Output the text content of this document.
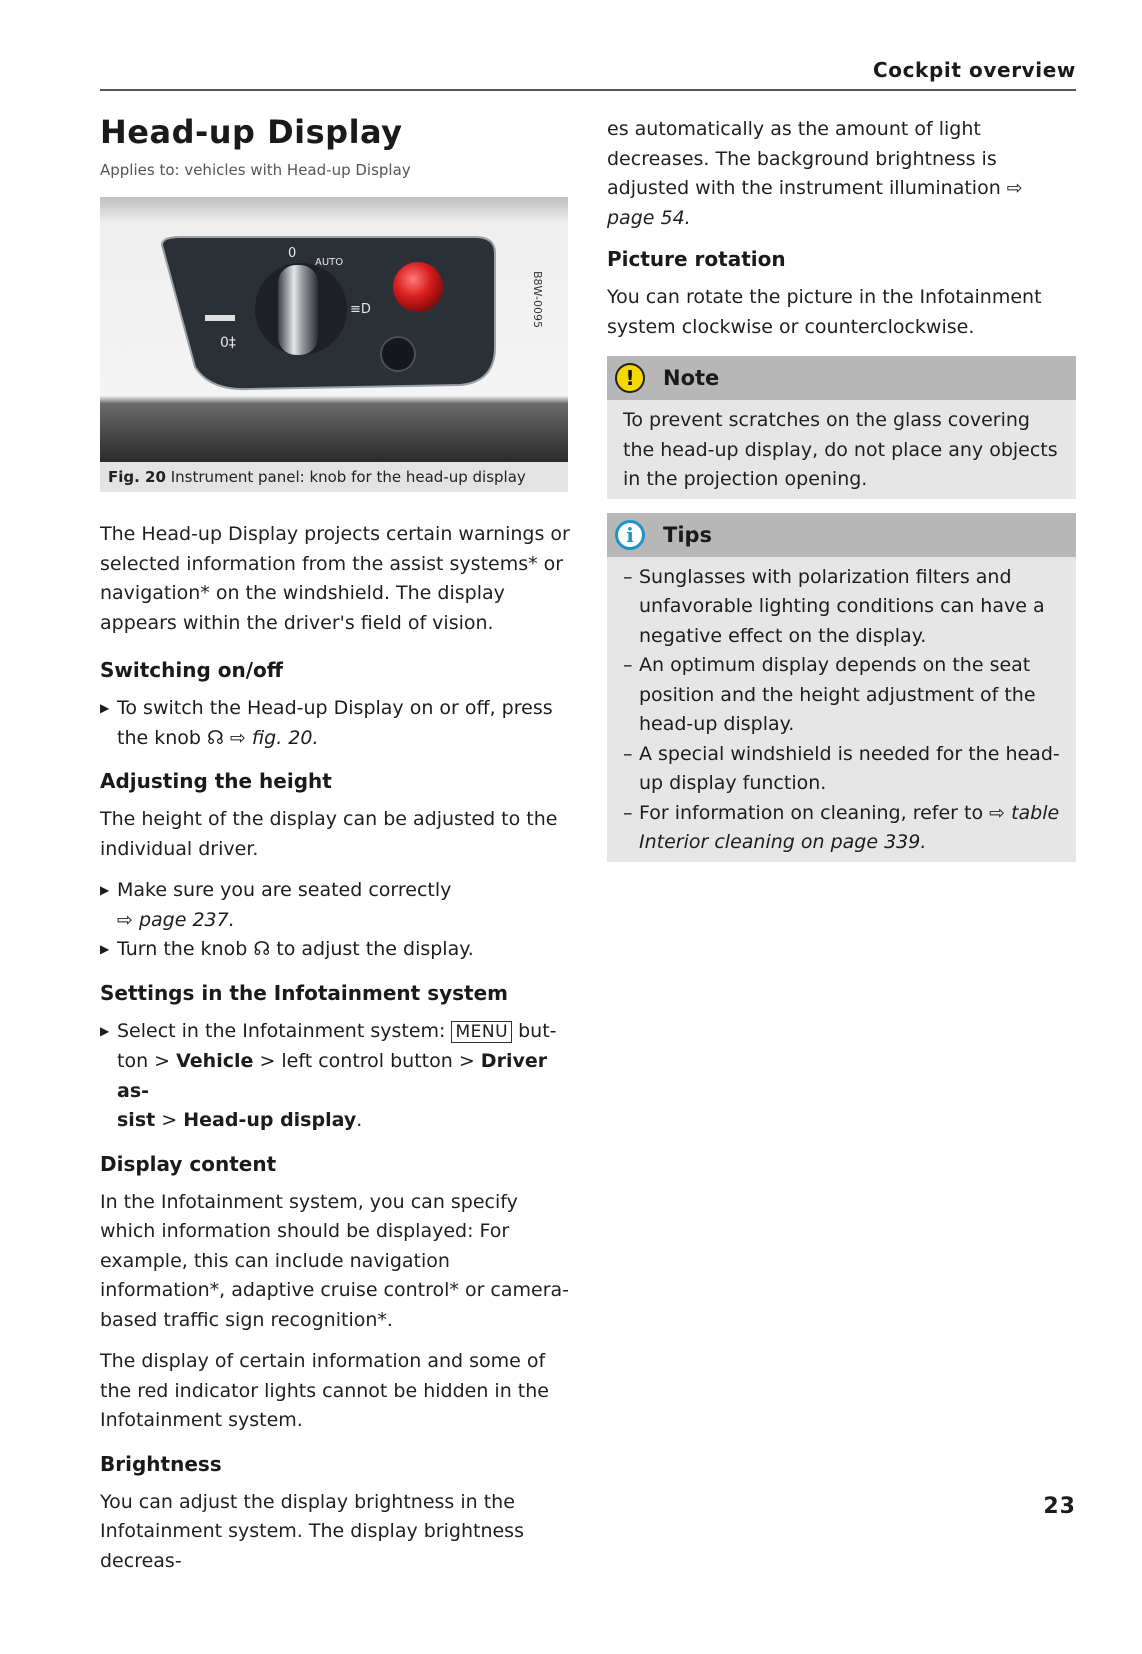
Cockpit overview
Head-up Display
Applies to: vehicles with Head-up Display
0
AUTO
≡D
0‡
B8W-0095
Fig. 20 Instrument panel: knob for the head-up display

The Head-up Display projects certain warnings or selected information from the assist systems* or navigation* on the windshield. The display appears within the driver's field of vision.

Switching on/off
▶ To switch the Head-up Display on or off, press the knob ☊ ⇨ fig. 20.
Adjusting the height

The height of the display can be adjusted to the individual driver.

▶ Make sure you are seated correctly
⇨ page 237.
▶ Turn the knob ☊ to adjust the display.
Settings in the Infotainment system
▶ Select in the Infotainment system: MENU but-
ton > Vehicle > left control button > Driver as-
sist > Head-up display.
Display content

In the Infotainment system, you can specify which information should be displayed: For example, this can include navigation information*, adaptive cruise control* or camera-based traffic sign recognition*.

The display of certain information and some of the red indicator lights cannot be hidden in the Infotainment system.

Brightness

You can adjust the display brightness in the Infotainment system. The display brightness decreas-

es automatically as the amount of light decreases. The background brightness is adjusted with the instrument illumination ⇨ page 54.

Picture rotation

You can rotate the picture in the Infotainment system clockwise or counterclockwise.

!	Note

To prevent scratches on the glass covering the head-up display, do not place any objects in the projection opening.

i	Tips
– Sunglasses with polarization filters and unfavorable lighting conditions can have a negative effect on the display.
– An optimum display depends on the seat position and the height adjustment of the head-up display.
– A special windshield is needed for the head-up display function.
– For information on cleaning, refer to ⇨ table Interior cleaning on page 339.
23
